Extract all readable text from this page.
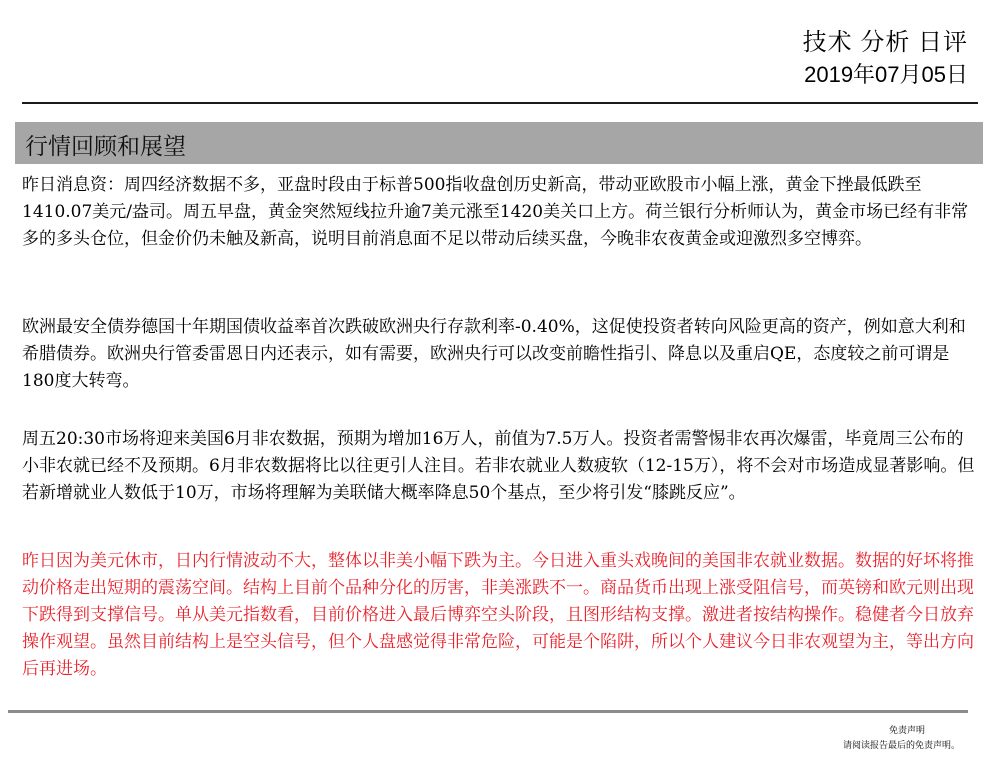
技术 分析 日评
2019年07月05日
行情回顾和展望

昨日消息资：周四经济数据不多，亚盘时段由于标普500指收盘创历史新高，带动亚欧股市小幅上涨，黄金下挫最低跌至1410.07美元/盎司。周五早盘，黄金突然短线拉升逾7美元涨至1420美关口上方。荷兰银行分析师认为，黄金市场已经有非常多的多头仓位，但金价仍未触及新高，说明目前消息面不足以带动后续买盘，今晚非农夜黄金或迎激烈多空博弈。

欧洲最安全债券德国十年期国债收益率首次跌破欧洲央行存款利率-0.40%，这促使投资者转向风险更高的资产，例如意大利和希腊债券。欧洲央行管委雷恩日内还表示，如有需要，欧洲央行可以改变前瞻性指引、降息以及重启QE，态度较之前可谓是180度大转弯。

周五20:30市场将迎来美国6月非农数据，预期为增加16万人，前值为7.5万人。投资者需警惕非农再次爆雷，毕竟周三公布的小非农就已经不及预期。6月非农数据将比以往更引人注目。若非农就业人数疲软（12-15万），将不会对市场造成显著影响。但若新增就业人数低于10万，市场将理解为美联储大概率降息50个基点，至少将引发“膝跳反应”。

昨日因为美元休市，日内行情波动不大，整体以非美小幅下跌为主。今日进入重头戏晚间的美国非农就业数据。数据的好坏将推动价格走出短期的震荡空间。结构上目前个品种分化的厉害，非美涨跌不一。商品货币出现上涨受阻信号，而英镑和欧元则出现下跌得到支撑信号。单从美元指数看，目前价格进入最后博弈空头阶段，且图形结构支撑。激进者按结构操作。稳健者今日放弃操作观望。虽然目前结构上是空头信号，但个人盘感觉得非常危险，可能是个陷阱，所以个人建议今日非农观望为主，等出方向后再进场。

免责声明
请阅读报告最后的免责声明。
